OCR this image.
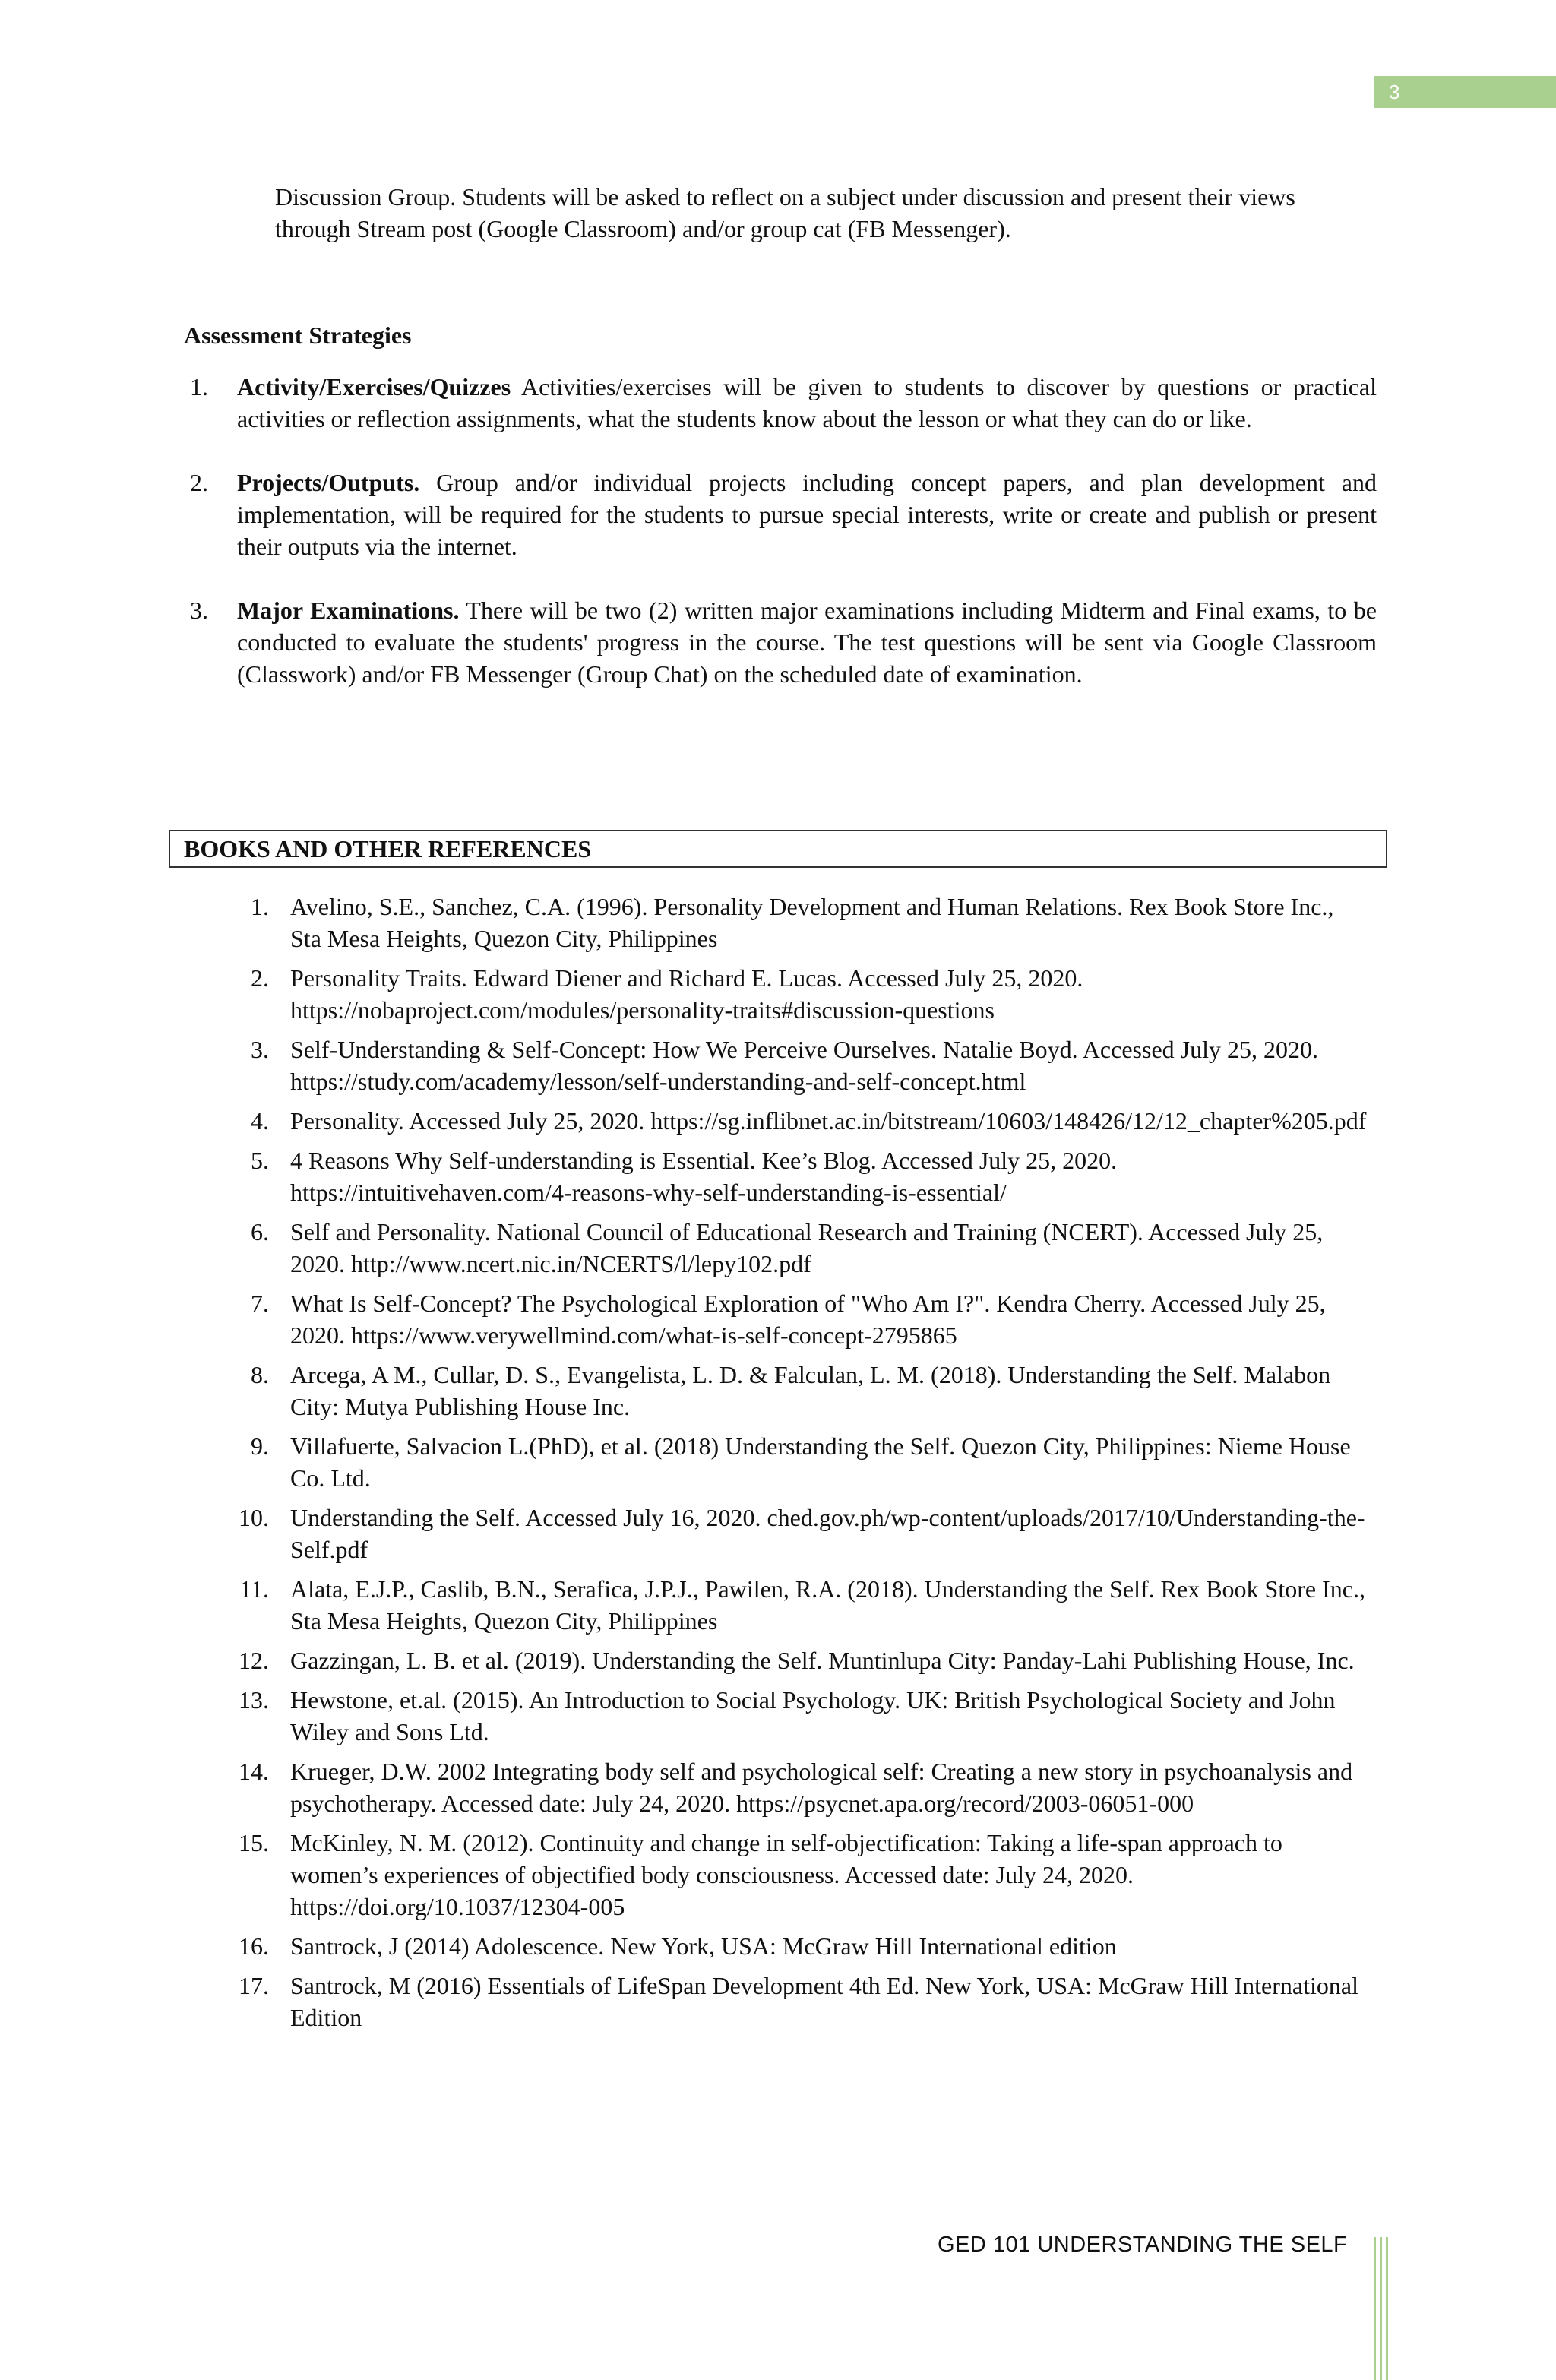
3

Discussion Group. Students will be asked to reflect on a subject under discussion and present their views through Stream post (Google Classroom) and/or group cat (FB Messenger).

Assessment Strategies
1. Activity/Exercises/Quizzes Activities/exercises will be given to students to discover by questions or practical activities or reflection assignments, what the students know about the lesson or what they can do or like.
2. Projects/Outputs. Group and/or individual projects including concept papers, and plan development and implementation, will be required for the students to pursue special interests, write or create and publish or present their outputs via the internet.
3. Major Examinations. There will be two (2) written major examinations including Midterm and Final exams, to be conducted to evaluate the students' progress in the course. The test questions will be sent via Google Classroom (Classwork) and/or FB Messenger (Group Chat) on the scheduled date of examination.
BOOKS AND OTHER REFERENCES
1. Avelino, S.E., Sanchez, C.A. (1996). Personality Development and Human Relations. Rex Book Store Inc., Sta Mesa Heights, Quezon City, Philippines
2. Personality Traits. Edward Diener and Richard E. Lucas. Accessed July 25, 2020. https://nobaproject.com/modules/personality-traits#discussion-questions
3. Self-Understanding & Self-Concept: How We Perceive Ourselves. Natalie Boyd. Accessed July 25, 2020. https://study.com/academy/lesson/self-understanding-and-self-concept.html
4. Personality. Accessed July 25, 2020. https://sg.inflibnet.ac.in/bitstream/10603/148426/12/12_chapter%205.pdf
5. 4 Reasons Why Self-understanding is Essential. Kee’s Blog. Accessed July 25, 2020. https://intuitivehaven.com/4-reasons-why-self-understanding-is-essential/
6. Self and Personality. National Council of Educational Research and Training (NCERT). Accessed July 25, 2020. http://www.ncert.nic.in/NCERTS/l/lepy102.pdf
7. What Is Self-Concept? The Psychological Exploration of "Who Am I?". Kendra Cherry. Accessed July 25, 2020. https://www.verywellmind.com/what-is-self-concept-2795865
8. Arcega, A M., Cullar, D. S., Evangelista, L. D. & Falculan, L. M. (2018). Understanding the Self. Malabon City: Mutya Publishing House Inc.
9. Villafuerte, Salvacion L.(PhD), et al. (2018) Understanding the Self. Quezon City, Philippines: Nieme House Co. Ltd.
10. Understanding the Self. Accessed July 16, 2020. ched.gov.ph/wp-content/uploads/2017/10/Understanding-the-Self.pdf
11. Alata, E.J.P., Caslib, B.N., Serafica, J.P.J., Pawilen, R.A. (2018). Understanding the Self. Rex Book Store Inc., Sta Mesa Heights, Quezon City, Philippines
12. Gazzingan, L. B. et al. (2019). Understanding the Self. Muntinlupa City: Panday-Lahi Publishing House, Inc.
13. Hewstone, et.al. (2015). An Introduction to Social Psychology. UK: British Psychological Society and John Wiley and Sons Ltd.
14. Krueger, D.W. 2002 Integrating body self and psychological self: Creating a new story in psychoanalysis and psychotherapy. Accessed date: July 24, 2020. https://psycnet.apa.org/record/2003-06051-000
15. McKinley, N. M. (2012). Continuity and change in self-objectification: Taking a life-span approach to women’s experiences of objectified body consciousness. Accessed date: July 24, 2020. https://doi.org/10.1037/12304-005
16. Santrock, J (2014) Adolescence. New York, USA: McGraw Hill International edition
17. Santrock, M (2016) Essentials of LifeSpan Development 4th Ed. New York, USA: McGraw Hill International Edition
GED 101 UNDERSTANDING THE SELF
